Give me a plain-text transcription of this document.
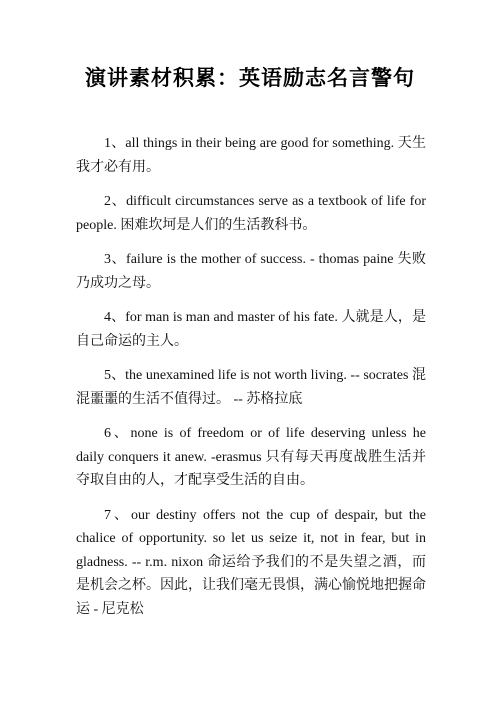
演讲素材积累：英语励志名言警句

1、all things in their being are good for something. 天生我才必有用。

2、difficult circumstances serve as a textbook of life for people. 困难坎坷是人们的生活教科书。

3、failure is the mother of success. - thomas paine 失败乃成功之母。

4、for man is man and master of his fate. 人就是人，是自己命运的主人。

5、the unexamined life is not worth living. -- socrates 混混噩噩的生活不值得过。 -- 苏格拉底

6、none is of freedom or of life deserving unless he daily conquers it anew. -erasmus 只有每天再度战胜生活并夺取自由的人，才配享受生活的自由。

7、our destiny offers not the cup of despair, but the chalice of opportunity. so let us seize it, not in fear, but in gladness. -- r.m. nixon 命运给予我们的不是失望之酒，而是机会之杯。因此，让我们毫无畏惧，满心愉悦地把握命运 - 尼克松
